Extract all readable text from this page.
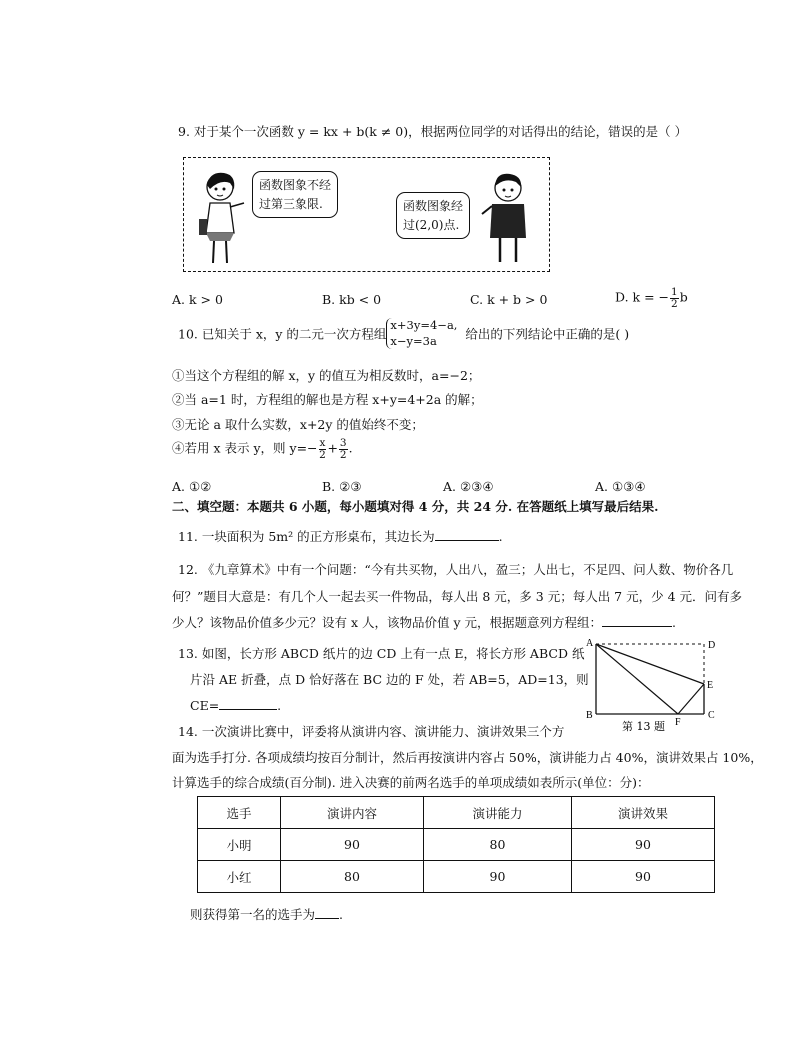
9. 对于某个一次函数 y = kx + b(k ≠ 0)，根据两位同学的对话得出的结论，错误的是（ ）
函数图象不经
过第三象限.	函数图象经
过(2,0)点.
A. k > 0	B. kb < 0	C. k + b > 0	D. k = − $\frac{1}{2}$ b
10. 已知关于 x，y 的二元一次方程组
x+3y=4−a,
x−y=3a	给出的下列结论中正确的是( )
①当这个方程组的解 x，y 的值互为相反数时，a=−2；
②当 a=1 时，方程组的解也是方程 x+y=4+2a 的解；
③无论 a 取什么实数，x+2y 的值始终不变；
④若用 x 表示 y，则 $y=- \frac{x}{2} + \frac{3}{2}$ .
A. ①②	B. ②③	A. ②③④	A. ①③④
二、填空题：本题共 6 小题，每小题填对得 4 分，共 24 分. 在答题纸上填写最后结果.
11. 一块面积为 5m² 的正方形桌布，其边长为	.
12. 《九章算术》中有一个问题：“今有共买物，人出八，盈三；人出七，不足四、问人数、物价各几
何？”题目大意是：有几个人一起去买一件物品，每人出 8 元，多 3 元；每人出 7 元，少 4 元．问有多
少人？该物品价值多少元？设有 x 人，该物品价值 y 元，根据题意列方程组：	.
13. 如图，长方形 ABCD 纸片的边 CD 上有一点 E，将长方形 ABCD 纸
片沿 AE 折叠，点 D 恰好落在 BC 边的 F 处，若 AB=5，AD=13，则
CE=	.
A	D
E
B	C
F
第 13 题
14. 一次演讲比赛中，评委将从演讲内容、演讲能力、演讲效果三个方
面为选手打分. 各项成绩均按百分制计，然后再按演讲内容占 50%，演讲能力占 40%，演讲效果占 10%，
计算选手的综合成绩(百分制). 进入决赛的前两名选手的单项成绩如表所示(单位：分)：
选手	演讲内容	演讲能力	演讲效果
小明	90	80	90
小红	80	90	90
则获得第一名的选手为 .
